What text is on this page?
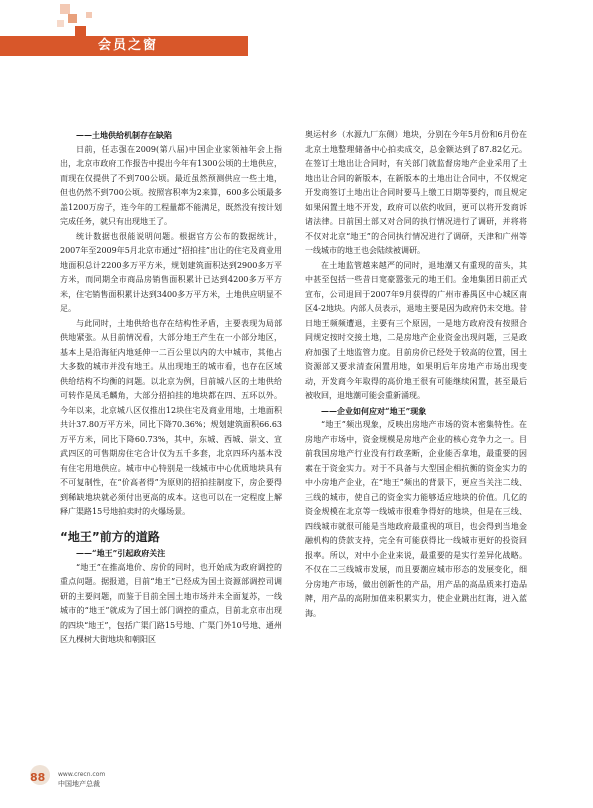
会员之窗

——土地供给机制存在缺陷

日前，任志强在2009(第八届)中国企业家领袖年会上指出，北京市政府工作报告中提出今年有1300公顷的土地供应，而现在仅提供了不到700公顷。最近虽然预测供应一些土地，但也仍然不到700公顷。按照容积率为2来算，600多公顷最多盖1200万房子，连今年的工程量都不能满足，既然没有按计划完成任务，就只有出现地王了。

统计数据也很能说明问题。根据官方公布的数据统计，2007年至2009年5月北京市通过“招拍挂”出让的住宅及商业用地面积总计2200多万平方米，规划建筑面积达到2900多万平方米，而同期全市商品房销售面积累计已达到4200多万平方米，住宅销售面积累计达到3400多万平方米，土地供应明显不足。

与此同时，土地供给也存在结构性矛盾，主要表现为局部供地紧张。从目前情况看，大部分地王产生在一小部分地区，基本上是沿海征内地延伸一二百公里以内的大中城市，其他占大多数的城市并没有地王。从出现地王的城市看，也存在区域供给结构不均衡的问题。以北京为例，目前城八区的土地供给可转作是凤毛麟角，大部分招拍挂的地块都在四、五环以外。今年以来，北京城八区仅推出12块住宅及商业用地，土地面积共计37.80万平方米，同比下降70.36%；规划建筑面积66.63万平方米，同比下降60.73%，其中，东城、西城、崇文、宣武四区的可售期房住宅合计仅为五千多套，北京四环内基本没有住宅用地供应。城市中心特别是一线城市中心优质地块具有不可复制性，在“价高者得”为原则的招拍挂制度下，房企要得到稀缺地块就必须付出更高的成本。这也可以在一定程度上解释广渠路15号地拍卖时的火爆场景。

“地王”前方的道路

——“地王”引起政府关注

“地王”在推高地价、房价的同时，也开始成为政府调控的重点问题。据报道，目前“地王”已经成为国土资源部调控司调研的主要问题，而鉴于目前全国土地市场并未全面复苏，一线城市的“地王”就成为了国土部门调控的重点，目前北京市出现的四块“地王”，包括广渠门路15号地、广渠门外10号地、通州区九棵树大街地块和朝阳区

奥运村乡（水源九厂东侧）地块，分别在今年5月份和6月份在北京土地整理储备中心拍卖成交，总金额达到了87.82亿元。在签订土地出让合同时，有关部门就监督房地产企业采用了土地出让合同的新版本，在新版本的土地出让合同中，不仅规定开发商签订土地出让合同时要马上缴工日期等要约，而且规定如果闲置土地不开发，政府可以依约收回，更可以将开发商诉诸法律。日前国土部又对合同的执行情况进行了调研，并将将不仅对北京“地王”的合同执行情况进行了调研，天津和广州等一线城市的地王也会陆续被调研。

在土地监管越来越严的同时，退地潮又有重现的苗头，其中甚至包括一些昔日宽豪嚣张元的地王们。金地集团日前正式宣布，公司退回于2007年9月获得的广州市番禺区中心城区南区4-2地块。内部人员表示，退地主要是因为政府仍未交地。昔日地王频频遭退，主要有三个原因，一是地方政府没有按照合同规定按时交接土地，二是房地产企业资金出现问题，三是政府加强了土地监管力度。目前房价已经处于较高的位置，国土资源部又要求清查闲置用地，如果明后年房地产市场出现变动，开发商今年取得的高价地王很有可能继续闲置，甚至最后被收回，退地潮可能会重新涌现。

——企业如何应对“地王”现象

“地王”频出现象，反映出房地产市场的资本密集特性。在房地产市场中，资金规模是房地产企业的核心竞争力之一。目前我国房地产行业没有行政垄断，企业能否拿地，最重要的因素在于资金实力。对于不具备与大型国企相抗衡的资金实力的中小房地产企业，在“地王”频出的背景下，更应当关注二线、三线的城市，使自己的资金实力能够适应地块的价值。几亿的资金规模在北京等一线城市很难争得好的地块，但是在三线、四线城市就很可能是当地政府最重视的项目，也会得到当地金融机构的贷款支持，完全有可能获得比一线城市更好的投资回报率。所以，对中小企业来说，最重要的是实行差异化战略。不仅在二三线城市发展，而且要潮应城市形态的发展变化，细分房地产市场，做出创新性的产品，用产品的高品质来打造品牌，用产品的高附加值来积累实力，使企业跳出红海，进入蓝海。

88 www.crecn.com
中国地产总裁
